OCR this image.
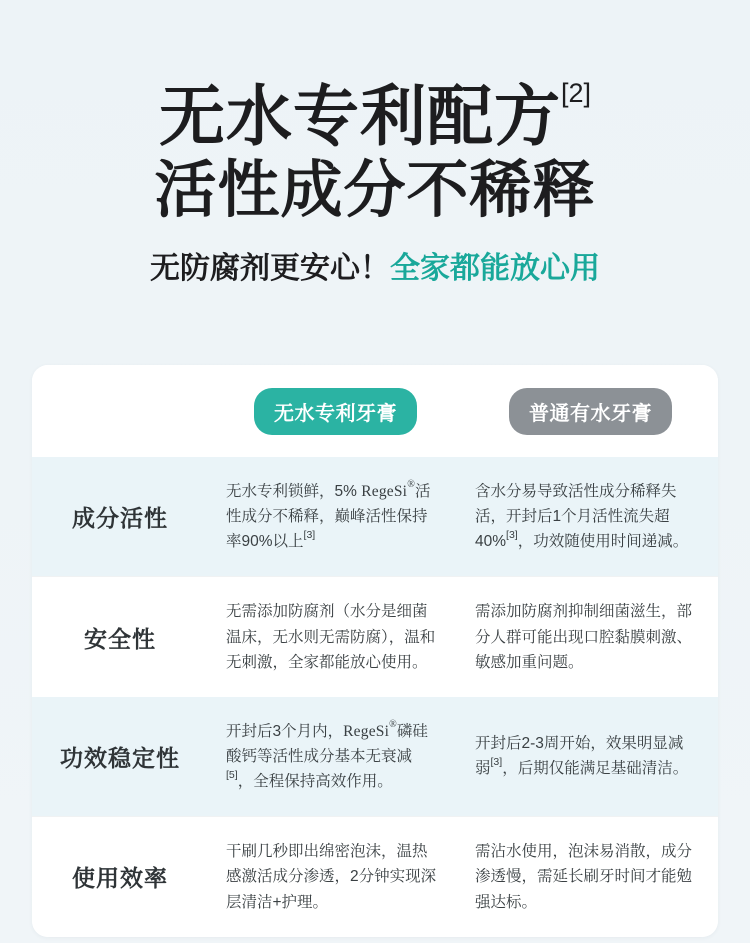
无水专利配方[2]
活性成分不稀释
无防腐剂更安心！全家都能放心用
	无水专利牙膏	普通有水牙膏
成分活性	无水专利锁鲜，5% RegeSi®活性成分不稀释，巅峰活性保持率90%以上[3]	含水分易导致活性成分稀释失活，开封后1个月活性流失超40%[3]，功效随使用时间递减。
安全性	无需添加防腐剂（水分是细菌温床，无水则无需防腐），温和无刺激，全家都能放心使用。	需添加防腐剂抑制细菌滋生，部分人群可能出现口腔黏膜刺激、敏感加重问题。
功效稳定性	开封后3个月内，RegeSi®磷硅酸钙等活性成分基本无衰减[5]，全程保持高效作用。	开封后2-3周开始，效果明显减弱[3]，后期仅能满足基础清洁。
使用效率	干刷几秒即出绵密泡沫，温热感激活成分渗透，2分钟实现深层清洁+护理。	需沾水使用，泡沫易消散，成分渗透慢，需延长刷牙时间才能勉强达标。
